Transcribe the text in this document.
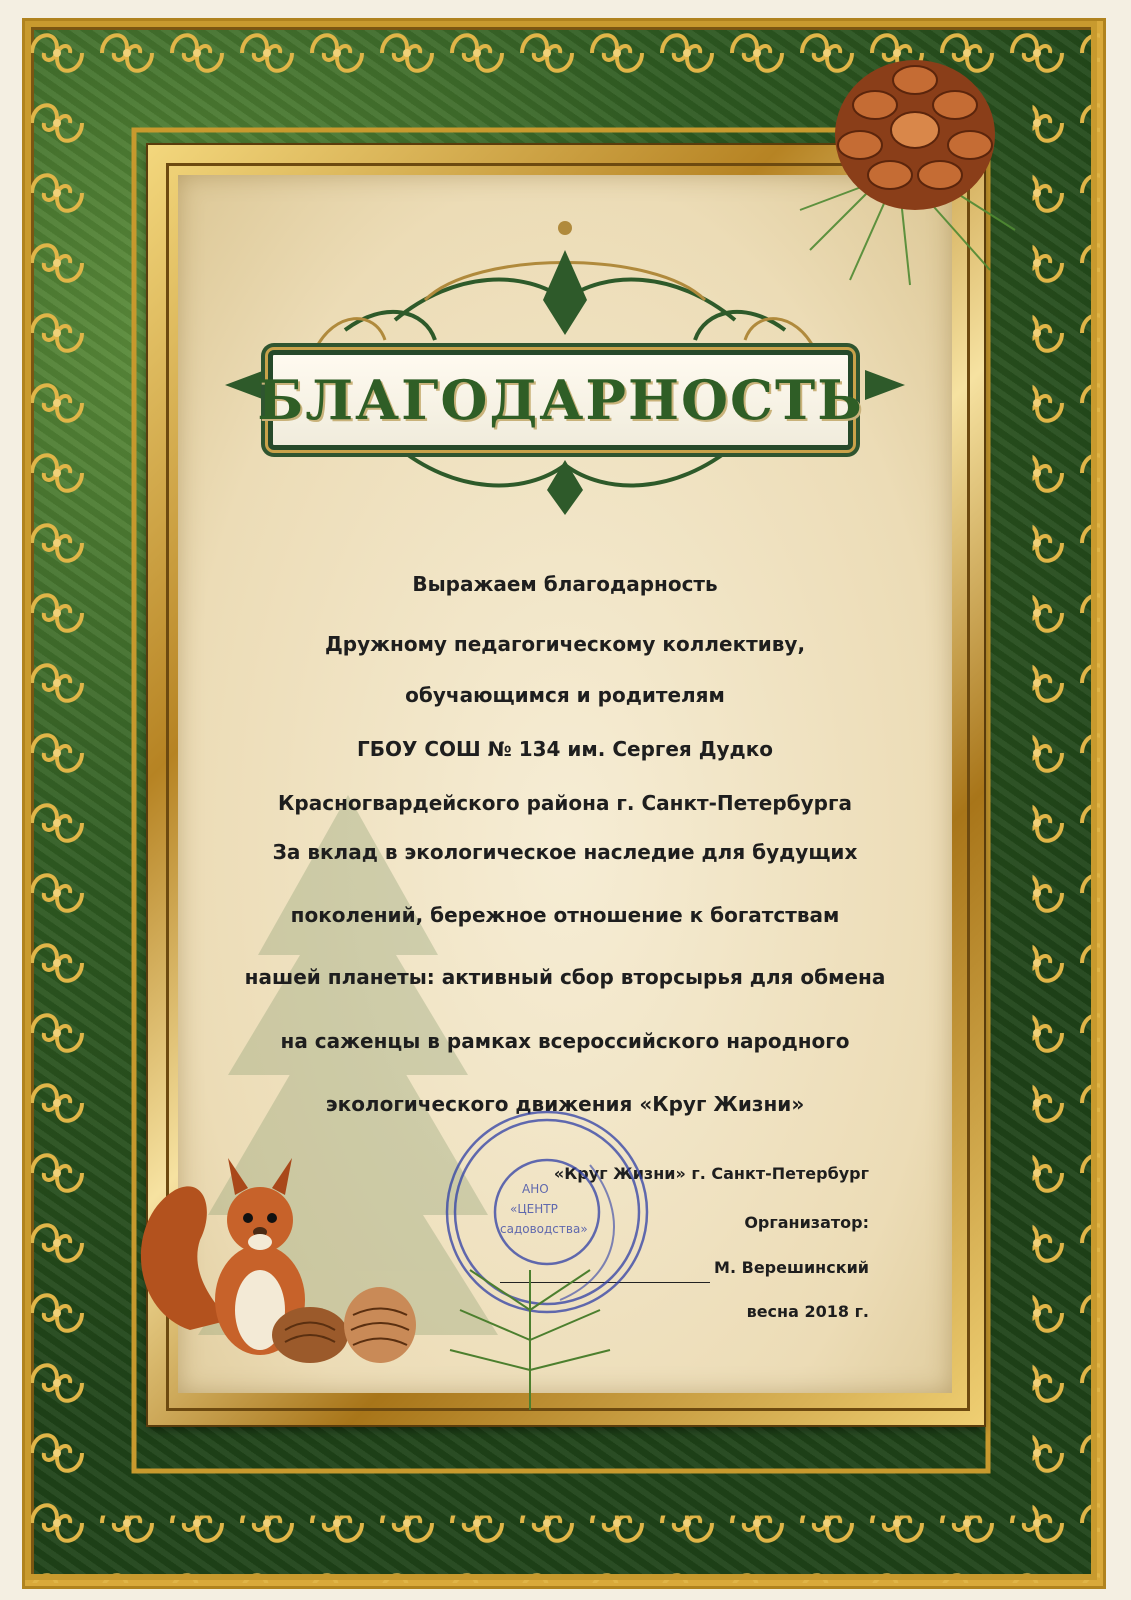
БЛАГОДАРНОСТЬ
Выражаем благодарность
Дружному педагогическому коллективу,
обучающимся и родителям
ГБОУ СОШ № 134 им. Сергея Дудко
Красногвардейского района г. Санкт-Петербурга
За вклад в экологическое наследие для будущих
поколений, бережное отношение к богатствам
нашей планеты: активный сбор вторсырья для обмена
на саженцы в рамках всероссийского народного
экологического движения «Круг Жизни»
«Круг Жизни» г. Санкт-Петербург
Организатор:
М. Верешинский
весна 2018 г.
АНО
«ЦЕНТР
садоводства»
